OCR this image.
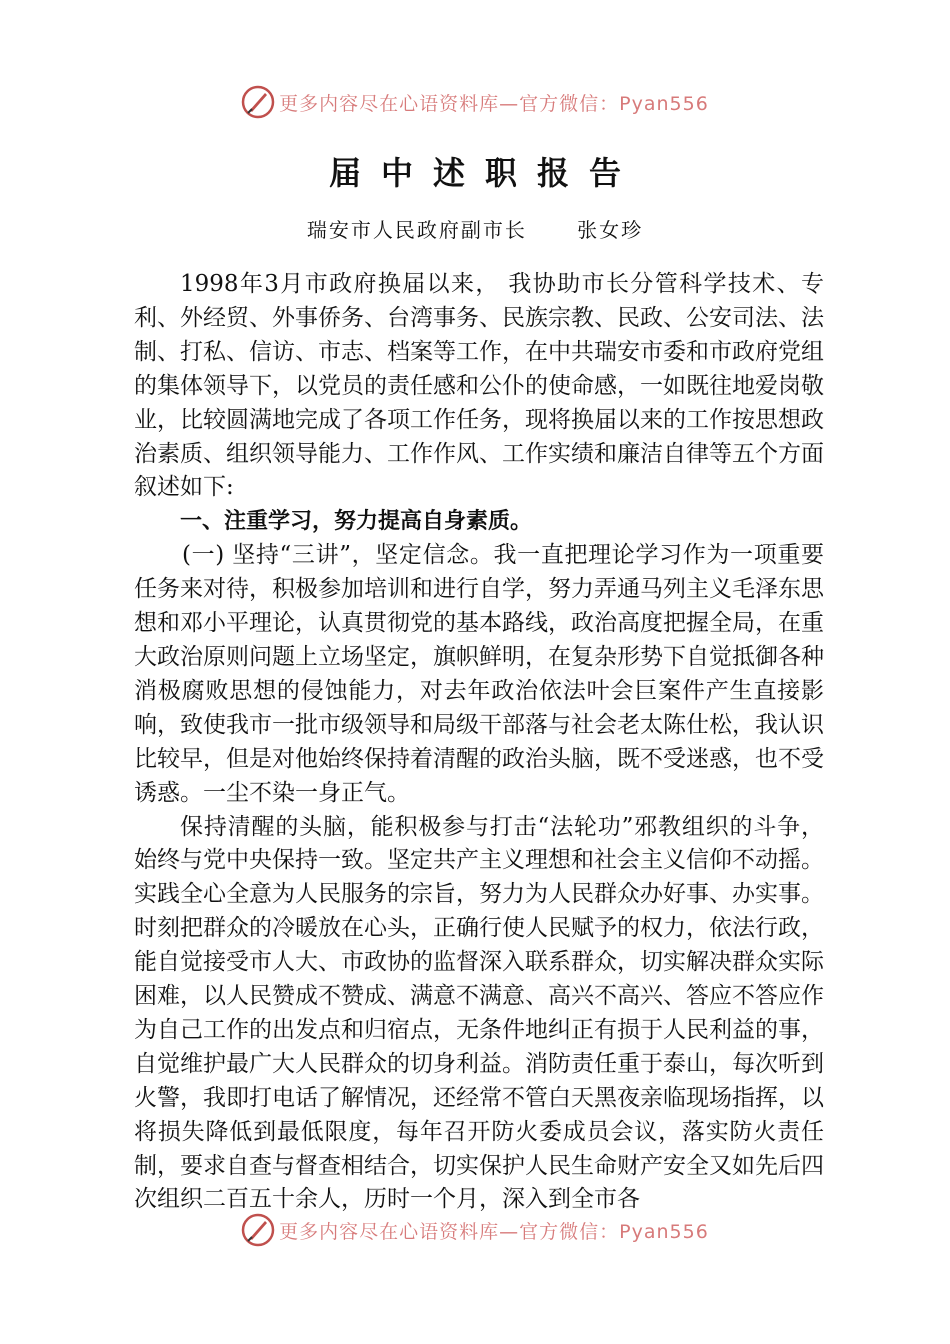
更多内容尽在心语资料库—官方微信：Pyan556
届中述职报告
瑞安市人民政府副市长      张女珍

1998年3月市政府换届以来， 我协助市长分管科学技术、专利、外经贸、外事侨务、台湾事务、民族宗教、民政、公安司法、法制、打私、信访、市志、档案等工作，在中共瑞安市委和市政府党组的集体领导下，以党员的责任感和公仆的使命感，一如既往地爱岗敬业，比较圆满地完成了各项工作任务，现将换届以来的工作按思想政治素质、组织领导能力、工作作风、工作实绩和廉洁自律等五个方面叙述如下:

一、注重学习，努力提高自身素质。

(一) 坚持“三讲”，坚定信念。我一直把理论学习作为一项重要任务来对待，积极参加培训和进行自学，努力弄通马列主义毛泽东思想和邓小平理论，认真贯彻党的基本路线，政治高度把握全局，在重大政治原则问题上立场坚定，旗帜鲜明，在复杂形势下自觉抵御各种消极腐败思想的侵蚀能力，对去年政治依法叶会巨案件产生直接影响，致使我市一批市级领导和局级干部落与社会老太陈仕松，我认识比较早，但是对他始终保持着清醒的政治头脑，既不受迷惑，也不受诱惑。一尘不染一身正气。

保持清醒的头脑，能积极参与打击“法轮功”邪教组织的斗争，始终与党中央保持一致。坚定共产主义理想和社会主义信仰不动摇。实践全心全意为人民服务的宗旨，努力为人民群众办好事、办实事。时刻把群众的冷暖放在心头，正确行使人民赋予的权力，依法行政，能自觉接受市人大、市政协的监督深入联系群众，切实解决群众实际困难，以人民赞成不赞成、满意不满意、高兴不高兴、答应不答应作为自己工作的出发点和归宿点，无条件地纠正有损于人民利益的事，自觉维护最广大人民群众的切身利益。消防责任重于泰山，每次听到火警，我即打电话了解情况，还经常不管白天黑夜亲临现场指挥，以将损失降低到最低限度，每年召开防火委成员会议，落实防火责任制，要求自查与督查相结合，切实保护人民生命财产安全又如先后四次组织二百五十余人，历时一个月，深入到全市各

更多内容尽在心语资料库—官方微信：Pyan556
